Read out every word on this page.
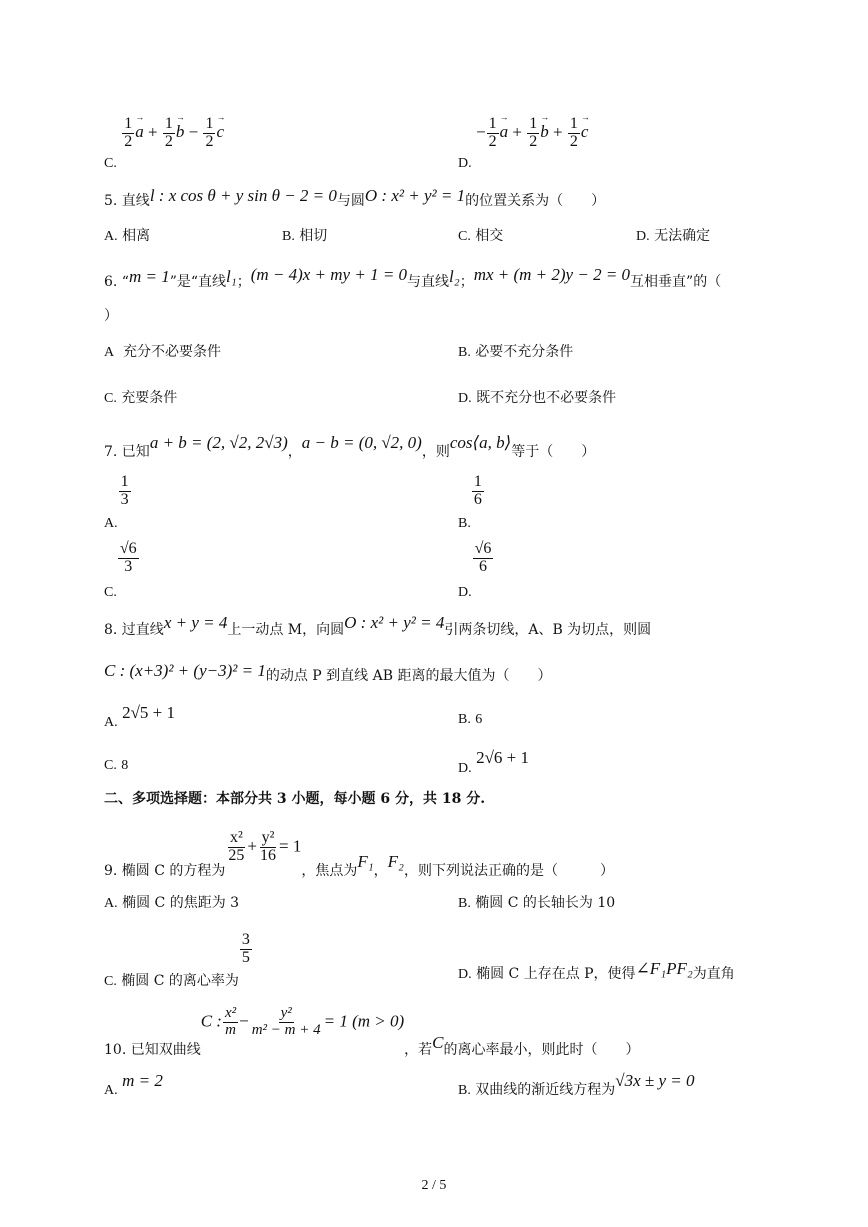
C.
$\frac{1}{2}$
→ $a + \frac{1}{2}$
→ $b - \frac{1}{2}$
→ c
D. − $\frac{1}{2}$
→ $a + \frac{1}{2}$
→ $b + \frac{1}{2}$
→ c
5. 直线l : x cos θ + y sin θ − 2 = 0与圆O : x² + y² = 1的位置关系为（　　）
A. 相离	B. 相切	C. 相交	D. 无法确定
6. “m = 1”是“直线l₁；(m − 4)x + my + 1 = 0与直线l₂；mx + (m + 2)y − 2 = 0互相垂直”的（
）
A 充分不必要条件	B. 必要不充分条件
C. 充要条件	D. 既不充分也不必要条件
7. 已知a + b = (2, √2, 2√3)，a − b = (0, √2, 0)，则cos⟨a, b⟩等于（　　）
A.
$\frac{1}{3}$
B.
$\frac{1}{6}$
C.
$\frac{√6}{3}$
D.
$\frac{√6}{6}$
8. 过直线x + y = 4上一动点 M，向圆O : x² + y² = 4引两条切线，A、B 为切点，则圆
C : (x+3)² + (y−3)² = 1的动点 P 到直线 AB 距离的最大值为（　　）
A. 2√5 + 1	B. 6
C. 8	D. 2√6 + 1
二、多项选择题：本部分共 3 小题，每小题 6 分，共 18 分.
9. 椭圆 C 的方程为
$\frac{\text{x²}}{25} + \frac{\text{y²}}{16} = 1$，焦点为F₁，F₂，则下列说法正确的是（　　　）
A. 椭圆 C 的焦距为 3	B. 椭圆 C 的长轴长为 10
C. 椭圆 C 的离心率为
$\frac{3}{5}$
D. 椭圆 C 上存在点 P，使得∠F₁PF₂为直角
10. 已知双曲线C : $\frac{\text{x²}}{m} - \frac{\text{y²}}{\text{m² − m + 4}} = 1$ (m > 0)，若C的离心率最小，则此时（　　）
A. m = 2
B. 双曲线的渐近线方程为√3x ± y = 0
2 / 5
